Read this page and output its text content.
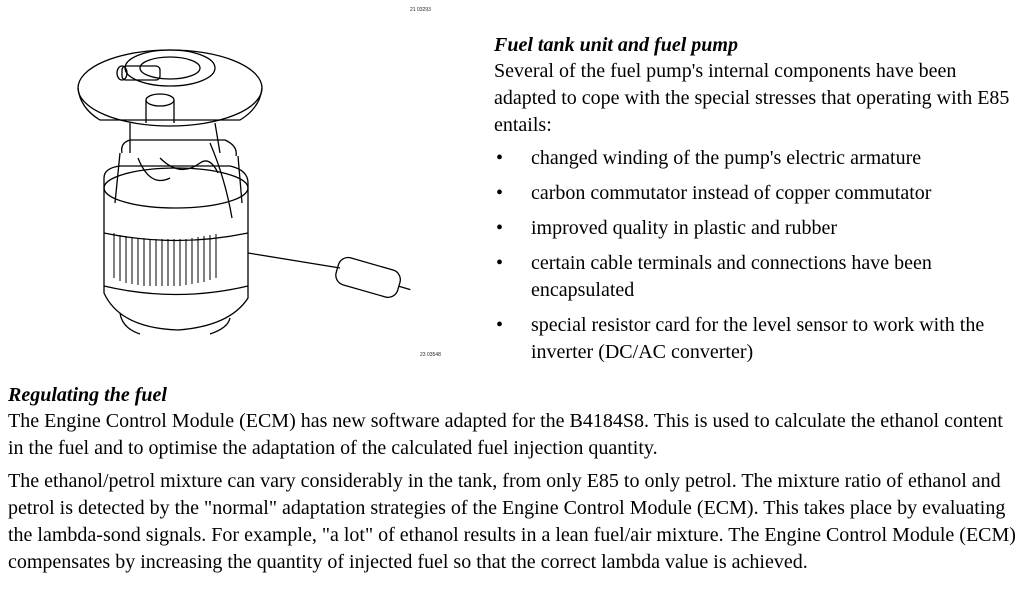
21 03293
23 03548

Fuel tank unit and fuel pump

Several of the fuel pump's internal components have been adapted to cope with the special stresses that operating with E85 entails:

• changed winding of the pump's electric armature
• carbon commutator instead of copper commutator
• improved quality in plastic and rubber
• certain cable terminals and connections have been encapsulated
• special resistor card for the level sensor to work with the inverter (DC/AC converter)

Regulating the fuel

The Engine Control Module (ECM) has new software adapted for the B4184S8. This is used to calculate the ethanol content in the fuel and to optimise the adaptation of the calculated fuel injection quantity.

The ethanol/petrol mixture can vary considerably in the tank, from only E85 to only petrol. The mixture ratio of ethanol and petrol is detected by the "normal" adaptation strategies of the Engine Control Module (ECM). This takes place by evaluating the lambda-sond signals. For example, "a lot" of ethanol results in a lean fuel/air mixture. The Engine Control Module (ECM) compensates by increasing the quantity of injected fuel so that the correct lambda value is achieved.
